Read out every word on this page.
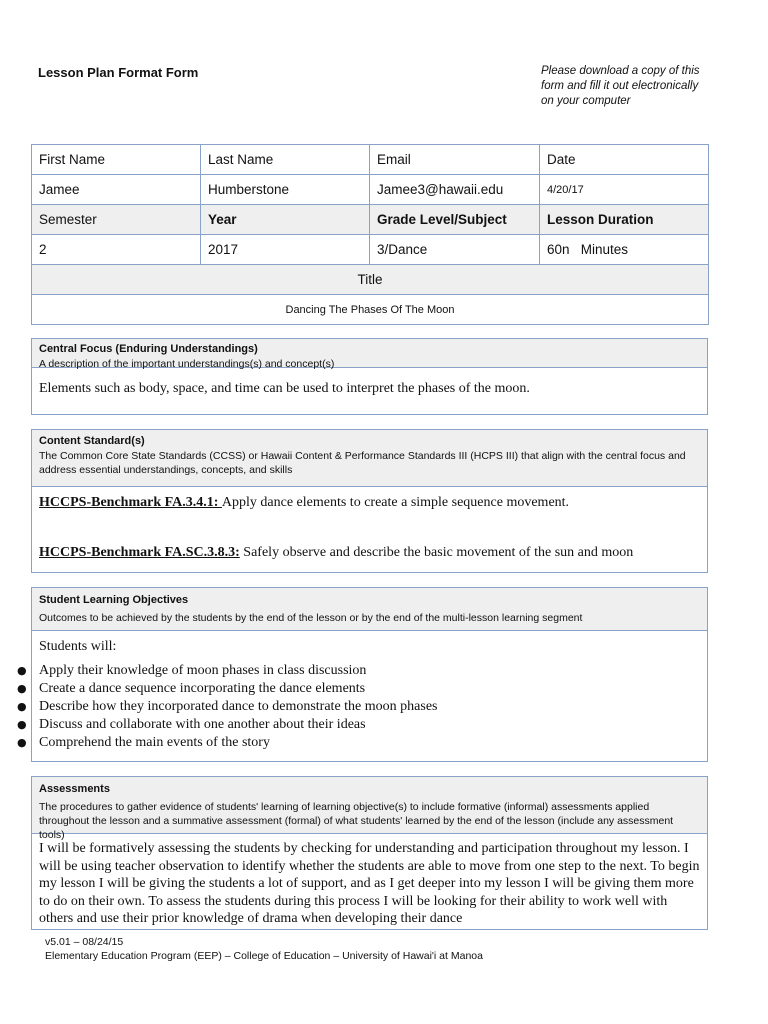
Lesson Plan Format Form	Please download a copy of this form and fill it out electronically on your computer
First Name	Last Name	Email	Date
Jamee	Humberstone	Jamee3@hawaii.edu	4/20/17
Semester	Year	Grade Level/Subject	Lesson Duration
2	2017	3/Dance	60n   Minutes
Title			
Dancing The Phases Of The Moon			
Central Focus (Enduring Understandings)
A description of the important understandings(s) and concept(s)
Elements such as body, space, and time can be used to interpret the phases of the moon.
Content Standard(s)
The Common Core State Standards (CCSS) or Hawaii Content & Performance Standards III (HCPS III) that align with the central focus and address essential understandings, concepts, and skills
HCCPS-Benchmark FA.3.4.1: Apply dance elements to create a simple sequence movement.
HCCPS-Benchmark FA.SC.3.8.3: Safely observe and describe the basic movement of the sun and moon
Student Learning Objectives
Outcomes to be achieved by the students by the end of the lesson or by the end of the multi-lesson learning segment
Students will:
● Apply their knowledge of moon phases in class discussion
● Create a dance sequence incorporating the dance elements
● Describe how they incorporated dance to demonstrate the moon phases
● Discuss and collaborate with one another about their ideas
● Comprehend the main events of the story
Assessments
The procedures to gather evidence of students' learning of learning objective(s) to include formative (informal) assessments applied throughout the lesson and a summative assessment (formal) of what students' learned by the end of the lesson (include any assessment tools)
I will be formatively assessing the students by checking for understanding and participation throughout my lesson. I will be using teacher observation to identify whether the students are able to move from one step to the next. To begin my lesson I will be giving the students a lot of support, and as I get deeper into my lesson I will be giving them more to do on their own. To assess the students during this process I will be looking for their ability to work well with others and use their prior knowledge of drama when developing their dance
v5.01 – 08/24/15
Elementary Education Program (EEP) – College of Education – University of Hawai'i at Manoa
